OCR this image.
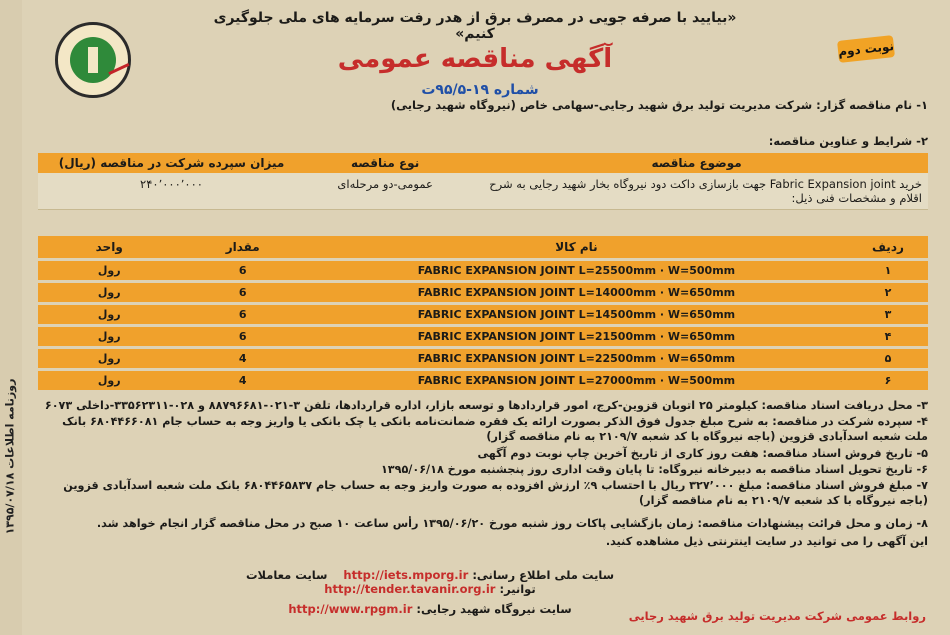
روزنامه اطلاعات ۱۳۹۵/۰۷/۱۸
«بیایید با صرفه جویی در مصرف برق از هدر رفت سرمایه های ملی جلوگیری کنیم»
نوبت دوم
آگهی مناقصه عمومی
شماره ۱۹-۹۵/۵ت
۱- نام مناقصه گزار: شرکت مدیریت تولید برق شهید رجایی-سهامی خاص (نیروگاه شهید رجایی)
۲- شرایط و عناوین مناقصه:
موضوع مناقصه	نوع مناقصه	میزان سپرده شرکت در مناقصه (ریال)
خرید Fabric Expansion joint جهت بازسازی داکت دود نیروگاه بخار شهید رجایی به شرح اقلام و مشخصات فنی ذیل:	عمومی-دو مرحله‌ای	۲۴۰٬۰۰۰٬۰۰۰
ردیف	نام کالا	مقدار	واحد
۱	FABRIC EXPANSION JOINT L=25500mm · W=500mm	6	رول
۲	FABRIC EXPANSION JOINT L=14000mm · W=650mm	6	رول
۳	FABRIC EXPANSION JOINT L=14500mm · W=650mm	6	رول
۴	FABRIC EXPANSION JOINT L=21500mm · W=650mm	6	رول
۵	FABRIC EXPANSION JOINT L=22500mm · W=650mm	4	رول
۶	FABRIC EXPANSION JOINT L=27000mm · W=500mm	4	رول
۳- محل دریافت اسناد مناقصه: کیلومتر ۲۵ اتوبان قزوین-کرج، امور قراردادها و توسعه بازار، اداره قراردادها، تلفن ۳-۰۲۱-۸۸۷۹۶۶۸۱ و ۰۲۸-۳۳۵۶۲۳۱۱-داخلی ۶۰۷۳
۴- سپرده شرکت در مناقصه: به شرح مبلغ جدول فوق الذکر بصورت ارائه یک فقره ضمانت‌نامه بانکی یا چک بانکی یا واریز وجه به حساب جام ۶۸۰۴۴۶۶۰۸۱ بانک ملت شعبه اسدآبادی قزوین (باجه نیروگاه با کد شعبه ۲۱۰۹/۷ به نام مناقصه گزار)
۵- تاریخ فروش اسناد مناقصه: هفت روز کاری از تاریخ آخرین چاپ نوبت دوم آگهی
۶- تاریخ تحویل اسناد مناقصه به دبیرخانه نیروگاه: تا پایان وقت اداری روز پنجشنبه مورخ ۱۳۹۵/۰۶/۱۸
۷- مبلغ فروش اسناد مناقصه: مبلغ ۳۲۷٬۰۰۰ ریال با احتساب ۹٪ ارزش افزوده به صورت واریز وجه به حساب جام ۶۸۰۴۴۶۵۸۳۷ بانک ملت شعبه اسدآبادی قزوین (باجه نیروگاه با کد شعبه ۲۱۰۹/۷ به نام مناقصه گزار)
۸- زمان و محل قرائت پیشنهادات مناقصه: زمان بازگشایی پاکات روز شنبه مورخ ۱۳۹۵/۰۶/۲۰ رأس ساعت ۱۰ صبح در محل مناقصه گزار انجام خواهد شد.
این آگهی را می توانید در سایت اینترنتی ذیل مشاهده کنید.
سایت ملی اطلاع رسانی: http://iets.mporg.ir    سایت معاملات توانیر: http://tender.tavanir.org.ir
سایت نیروگاه شهید رجایی: http://www.rpgm.ir	روابط عمومی شرکت مدیریت تولید برق شهید رجایی
